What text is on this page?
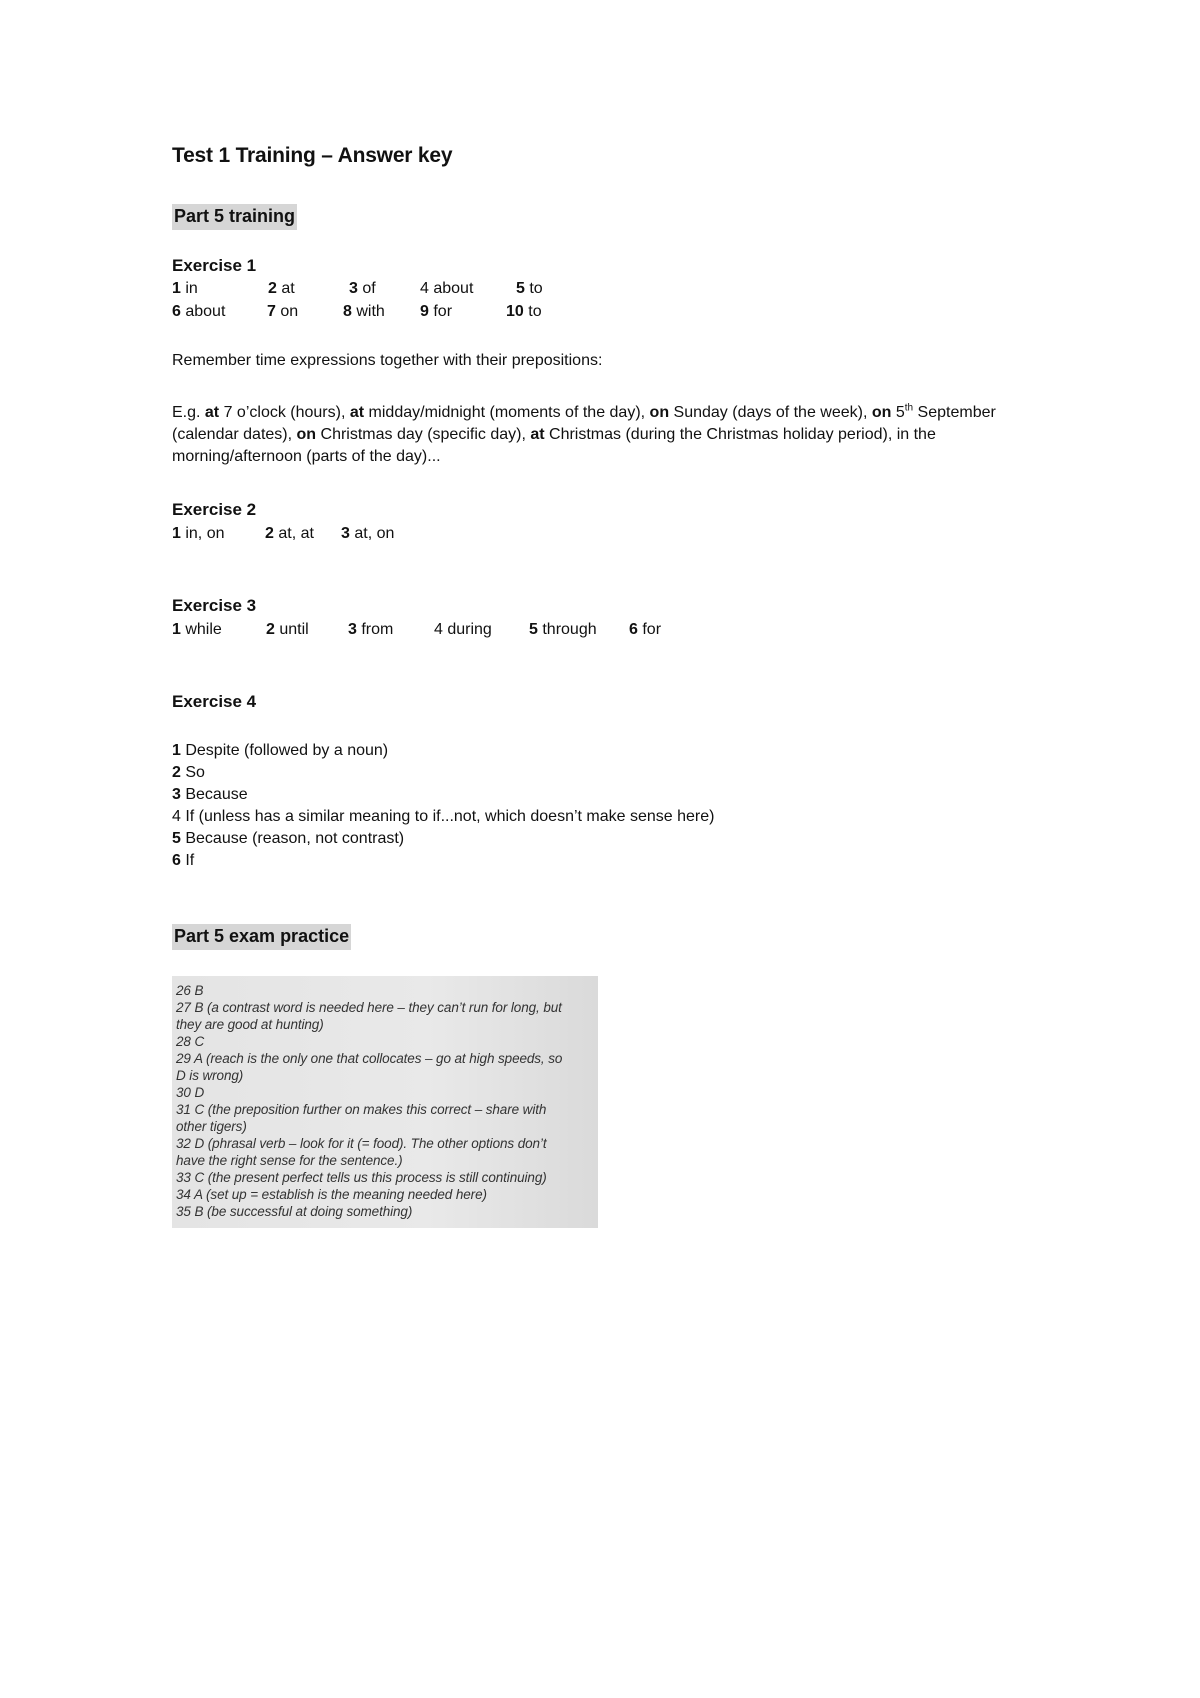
Test 1 Training – Answer key
Part 5 training
Exercise 1
1 in	2 at	3 of	4 about	5 to
6 about	7 on	8 with 9 for	10 to
Remember time expressions together with their prepositions:
E.g. at 7 o’clock (hours), at midday/midnight (moments of the day), on Sunday (days of the week), on 5th September (calendar dates), on Christmas day (specific day), at Christmas (during the Christmas holiday period), in the morning/afternoon (parts of the day)...
Exercise 2
1 in, on	2 at, at 3 at, on
Exercise 3
1 while	2 until 3 from	4 during 5 through 6 for
Exercise 4
1 Despite (followed by a noun)
2 So
3 Because
4 If (unless has a similar meaning to if...not, which doesn’t make sense here)
5 Because (reason, not contrast)
6 If
Part 5 exam practice
26 B
27 B (a contrast word is needed here – they can’t run for long, but
they are good at hunting)
28 C
29 A (reach is the only one that collocates – go at high speeds, so
D is wrong)
30 D
31 C (the preposition further on makes this correct – share with
other tigers)
32 D (phrasal verb – look for it (= food). The other options don’t
have the right sense for the sentence.)
33 C (the present perfect tells us this process is still continuing)
34 A (set up = establish is the meaning needed here)
35 B (be successful at doing something)
